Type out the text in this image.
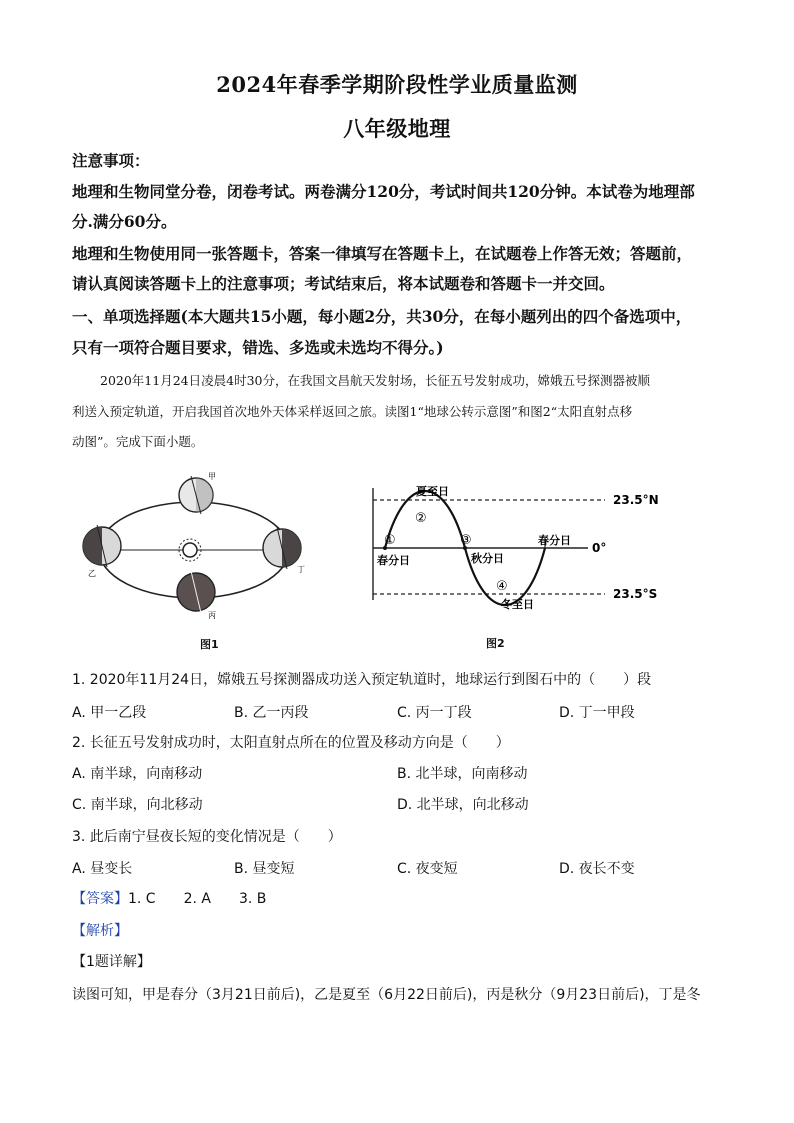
2024年春季学期阶段性学业质量监测
八年级地理
注意事项：
地理和生物同堂分卷，闭卷考试。两卷满分120分，考试时间共120分钟。本试卷为地理部
分.满分60分。
地理和生物使用同一张答题卡，答案一律填写在答题卡上，在试题卷上作答无效；答题前，
请认真阅读答题卡上的注意事项；考试结束后，将本试题卷和答题卡一并交回。
一、单项选择题(本大题共15小题，每小题2分，共30分，在每小题列出的四个备选项中，
只有一项符合题目要求，错选、多选或未选均不得分。)
2020年11月24日凌晨4时30分，在我国文昌航天发射场，长征五号发射成功，嫦娥五号探测器被顺
利送入预定轨道，开启我国首次地外天体采样返回之旅。读图1“地球公转示意图”和图2“太阳直射点移
动图”。完成下面小题。
甲
乙
丙
丁
图1
23.5°N
0°
23.5°S
夏至日
春分日	秋分日
冬至日
春分日
①
②
③
④
图2
1. 2020年11月24日，嫦娥五号探测器成功送入预定轨道时，地球运行到图石中的（　　）段
A. 甲一乙段	B. 乙一丙段	C. 丙一丁段	D. 丁一甲段
2. 长征五号发射成功时，太阳直射点所在的位置及移动方向是（　　）
A. 南半球，向南移动	B. 北半球，向南移动
C. 南半球，向北移动	D. 北半球，向北移动
3. 此后南宁昼夜长短的变化情况是（　　）
A. 昼变长	B. 昼变短	C. 夜变短	D. 夜长不变
【答案】1. C　　2. A　　3. B
【解析】
【1题详解】
读图可知，甲是春分（3月21日前后)，乙是夏至（6月22日前后)，丙是秋分（9月23日前后)，丁是冬
